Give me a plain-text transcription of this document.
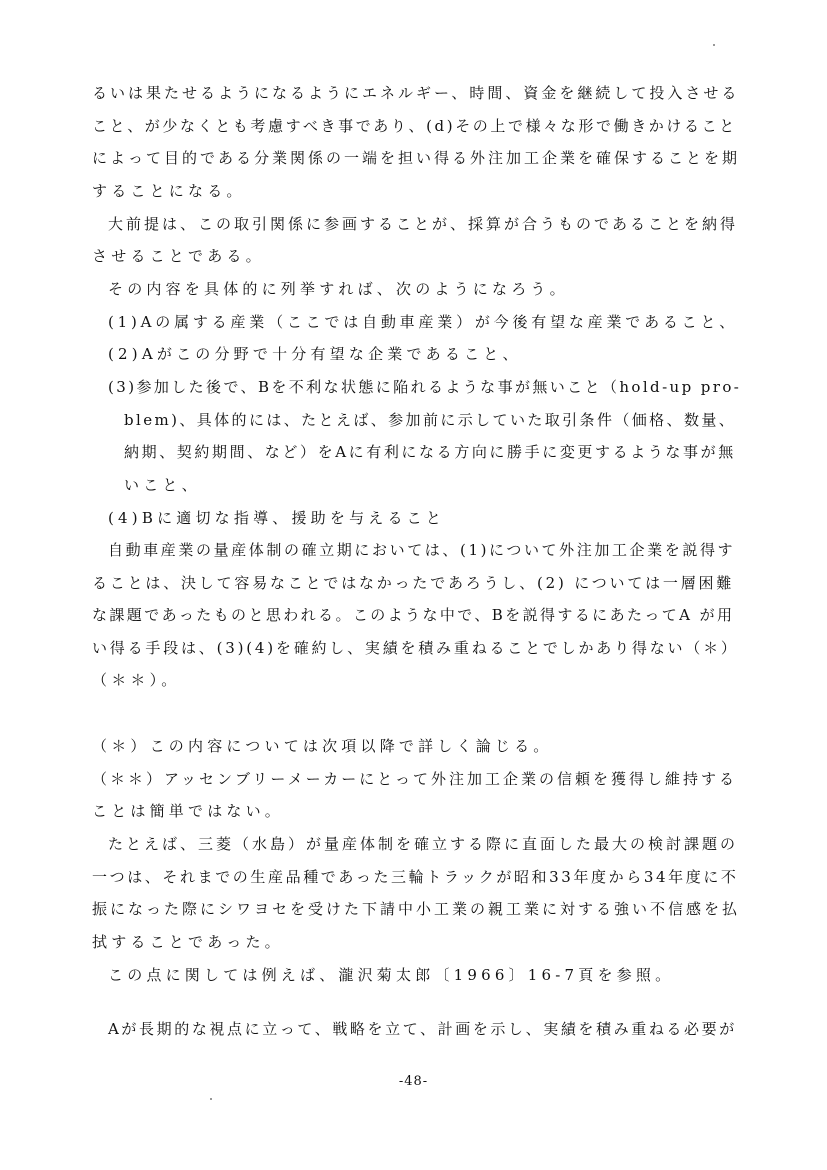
るいは果たせるようになるようにエネルギー、時間、資金を継続して投入させる
こと、が少なくとも考慮すべき事であり、(d)その上で様々な形で働きかけること
によって目的である分業関係の一端を担い得る外注加工企業を確保することを期
することになる。
大前提は、この取引関係に参画することが、採算が合うものであることを納得
させることである。
その内容を具体的に列挙すれば、次のようになろう。
(1)Aの属する産業（ここでは自動車産業）が今後有望な産業であること、
(2)Aがこの分野で十分有望な企業であること、
(3)参加した後で、Bを不利な状態に陥れるような事が無いこと（hold-up pro-
blem)、具体的には、たとえば、参加前に示していた取引条件（価格、数量、
納期、契約期間、など）をAに有利になる方向に勝手に変更するような事が無
いこと、
(4)Bに適切な指導、援助を与えること
自動車産業の量産体制の確立期においては、(1)について外注加工企業を説得す
ることは、決して容易なことではなかったであろうし、(2) については一層困難
な課題であったものと思われる。このような中で、Bを説得するにあたってA が用
い得る手段は、(3)(4)を確約し、実績を積み重ねることでしかあり得ない（＊）
（＊＊）。
（＊）この内容については次項以降で詳しく論じる。
（＊＊）アッセンブリーメーカーにとって外注加工企業の信頼を獲得し維持する
ことは簡単ではない。
たとえば、三菱（水島）が量産体制を確立する際に直面した最大の検討課題の
一つは、それまでの生産品種であった三輪トラックが昭和33年度から34年度に不
振になった際にシワヨセを受けた下請中小工業の親工業に対する強い不信感を払
拭することであった。
この点に関しては例えば、瀧沢菊太郎〔1966〕16-7頁を参照。
Aが長期的な視点に立って、戦略を立て、計画を示し、実績を積み重ねる必要が
-48-
